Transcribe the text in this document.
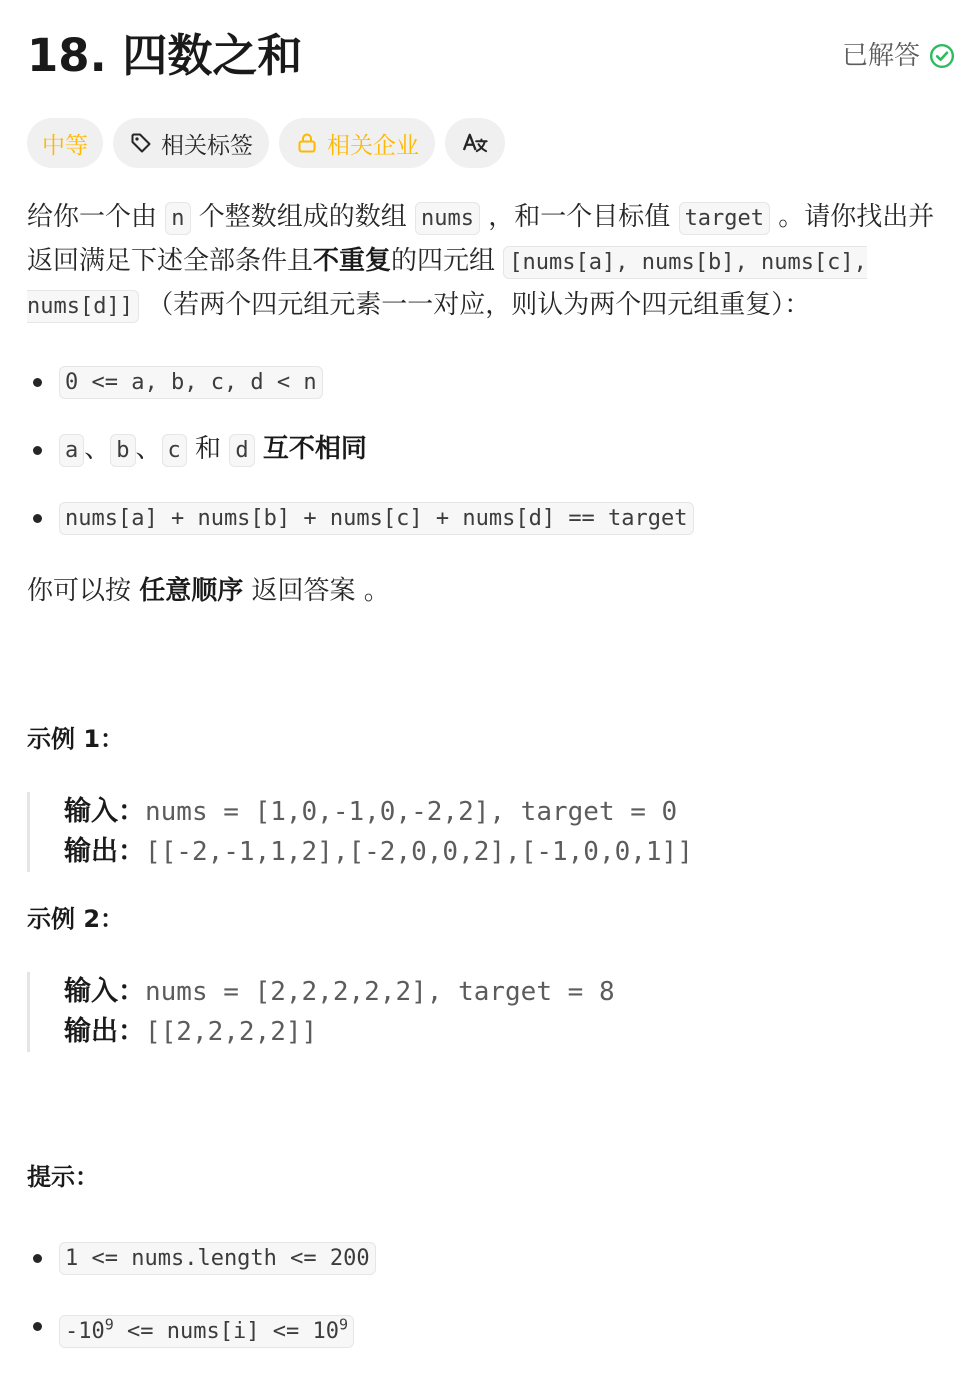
18. 四数之和	已解答
中等	相关标签	相关企业

给你一个由 n 个整数组成的数组 nums ，和一个目标值 target 。请你找出并返回满足下述全部条件且不重复的四元组 [nums[a], nums[b], nums[c], nums[d]] （若两个四元组元素一一对应，则认为两个四元组重复）：

0 <= a, b, c, d < n
a 、 b 、 c 和 d 互不相同
nums[a] + nums[b] + nums[c] + nums[d] == target

你可以按 任意顺序 返回答案 。

示例 1：
输入：nums = [1,0,-1,0,-2,2], target = 0
输出：[[-2,-1,1,2],[-2,0,0,2],[-1,0,0,1]]
示例 2：
输入：nums = [2,2,2,2,2], target = 8
输出：[[2,2,2,2]]
提示：
1 <= nums.length <= 200
$-10^9$ <= nums[i] <= $10^9$
